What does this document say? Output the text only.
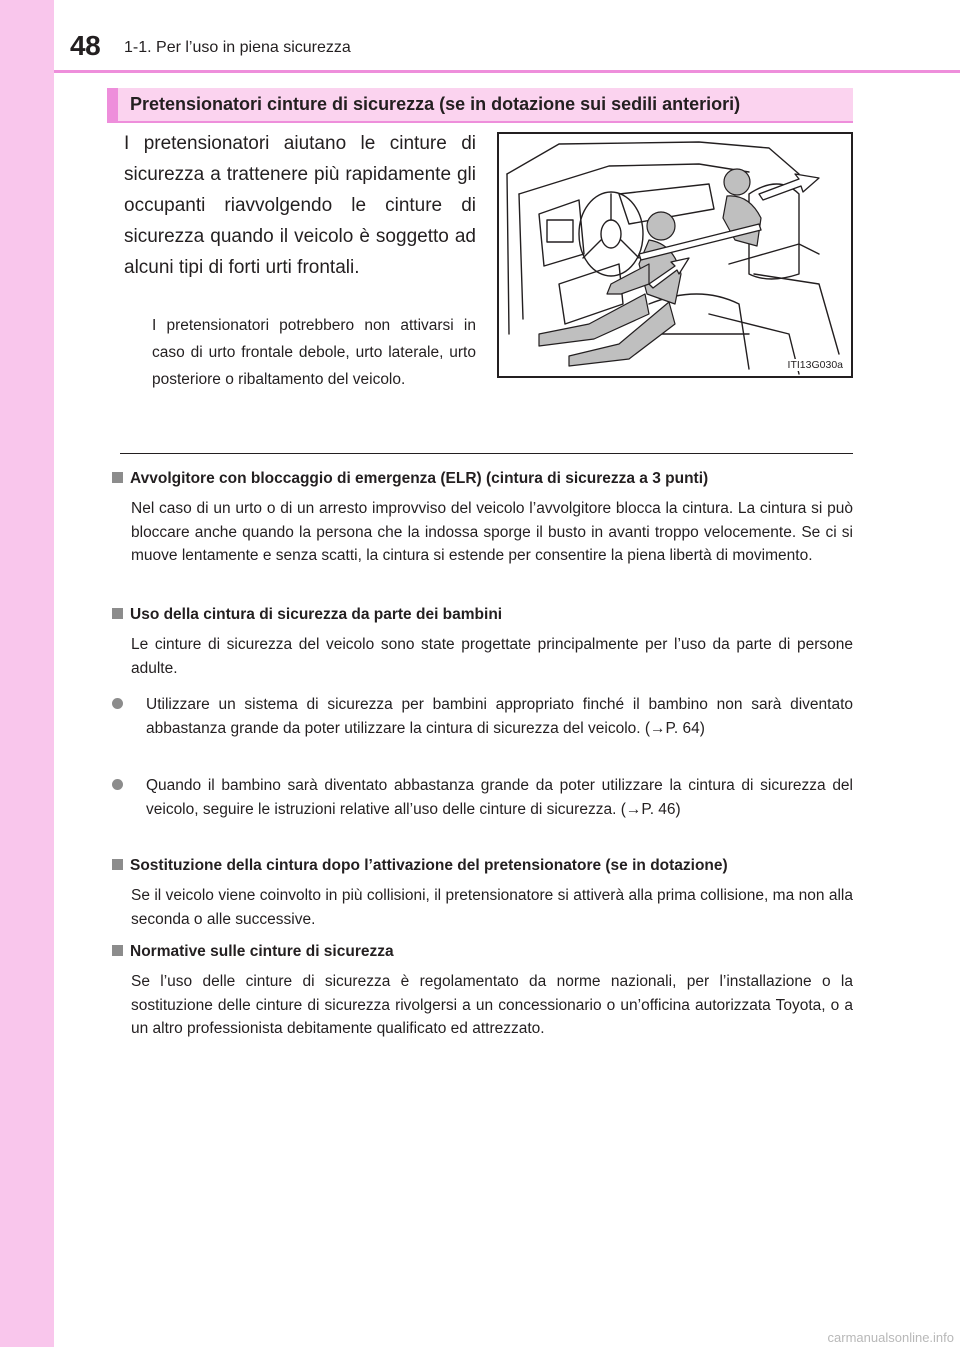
48 1-1. Per l’uso in piena sicurezza
Pretensionatori cinture di sicurezza (se in dotazione sui sedili anteriori)

I pretensionatori aiutano le cinture di sicurezza a trattenere più rapidamente gli occupanti riavvolgendo le cinture di sicurezza quando il veicolo è soggetto ad alcuni tipi di forti urti frontali.

I pretensionatori potrebbero non attivarsi in caso di urto frontale debole, urto laterale, urto posteriore o ribaltamento del veicolo.

ITI13G030a
Avvolgitore con bloccaggio di emergenza (ELR) (cintura di sicurezza a 3 punti)

Nel caso di un urto o di un arresto improvviso del veicolo l’avvolgitore blocca la cintura. La cintura si può bloccare anche quando la persona che la indossa sporge il busto in avanti troppo velocemente. Se ci si muove lentamente e senza scatti, la cintura si estende per consentire la piena libertà di movimento.

Uso della cintura di sicurezza da parte dei bambini

Le cinture di sicurezza del veicolo sono state progettate principalmente per l’uso da parte di persone adulte.

Utilizzare un sistema di sicurezza per bambini appropriato finché il bambino non sarà diventato abbastanza grande da poter utilizzare la cintura di sicurezza del veicolo. (→P. 64)

Quando il bambino sarà diventato abbastanza grande da poter utilizzare la cintura di sicurezza del veicolo, seguire le istruzioni relative all’uso delle cinture di sicurezza. (→P. 46)

Sostituzione della cintura dopo l’attivazione del pretensionatore (se in dotazione)

Se il veicolo viene coinvolto in più collisioni, il pretensionatore si attiverà alla prima collisione, ma non alla seconda o alle successive.

Normative sulle cinture di sicurezza

Se l’uso delle cinture di sicurezza è regolamentato da norme nazionali, per l’installazione o la sostituzione delle cinture di sicurezza rivolgersi a un concessionario o un’officina autorizzata Toyota, o a un altro professionista debitamente qualificato ed attrezzato.

carmanualsonline.info
